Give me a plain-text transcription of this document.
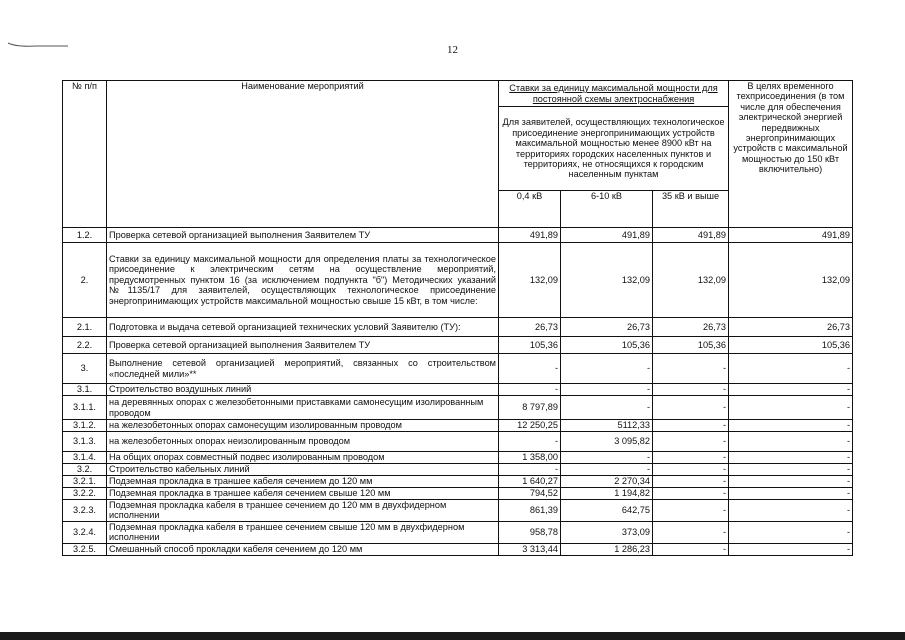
12
№ п/п	Наименование мероприятий	Ставки за единицу максимальной мощности для постоянной схемы электроснабжения			В целях временного техприсоединения (в том числе для обеспечения электрической энергией передвижных энергопринимающих устройств с максимальной мощностью до 150 кВт включительно)
		Для заявителей, осуществляющих технологическое присоединение энергопринимающих устройств максимальной мощностью менее 8900 кВт на территориях городских населенных пунктов и территориях, не относящихся к городским населенным пунктам			
		0,4 кВ	6-10 кВ	35 кВ и выше	
1.2.	Проверка сетевой организацией выполнения Заявителем ТУ	491,89	491,89	491,89	491,89
2.	Ставки за единицу максимальной мощности для определения платы за технологическое присоединение к электрическим сетям на осуществление мероприятий, предусмотренных пунктом 16 (за исключением подпункта "б") Методических указаний №1135/17 для заявителей, осуществляющих технологическое присоединение энергопринимающих устройств максимальной мощностью свыше 15 кВт, в том числе:	132,09	132,09	132,09	132,09
2.1.	Подготовка и выдача сетевой организацией технических условий Заявителю (ТУ):	26,73	26,73	26,73	26,73
2.2.	Проверка сетевой организацией выполнения Заявителем ТУ	105,36	105,36	105,36	105,36
3.	Выполнение сетевой организацией мероприятий, связанных со строительством «последней мили»**	-	-	-	-
3.1.	Строительство воздушных линий	-	-	-	-
3.1.1.	на деревянных опорах с железобетонными приставками самонесущим изолированным проводом	8 797,89	-	-	-
3.1.2.	на железобетонных опорах самонесущим изолированным проводом	12 250,25	5112,33	-	-
3.1.3.	на железобетонных опорах неизолированным проводом	-	3 095,82	-	-
3.1.4.	На общих опорах совместный подвес изолированным проводом	1 358,00	-	-	-
3.2.	Строительство кабельных линий	-	-	-	-
3.2.1.	Подземная прокладка в траншее кабеля сечением до 120 мм	1 640,27	2 270,34	-	-
3.2.2.	Подземная прокладка в траншее кабеля сечением свыше 120 мм	794,52	1 194,82	-	-
3.2.3.	Подземная прокладка кабеля в траншее сечением до 120 мм в двухфидерном исполнении	861,39	642,75	-	-
3.2.4.	Подземная прокладка кабеля в траншее сечением свыше 120 мм в двухфидерном исполнении	958,78	373,09	-	-
3.2.5.	Смешанный способ прокладки кабеля сечением до 120 мм	3 313,44	1 286,23	-	-
